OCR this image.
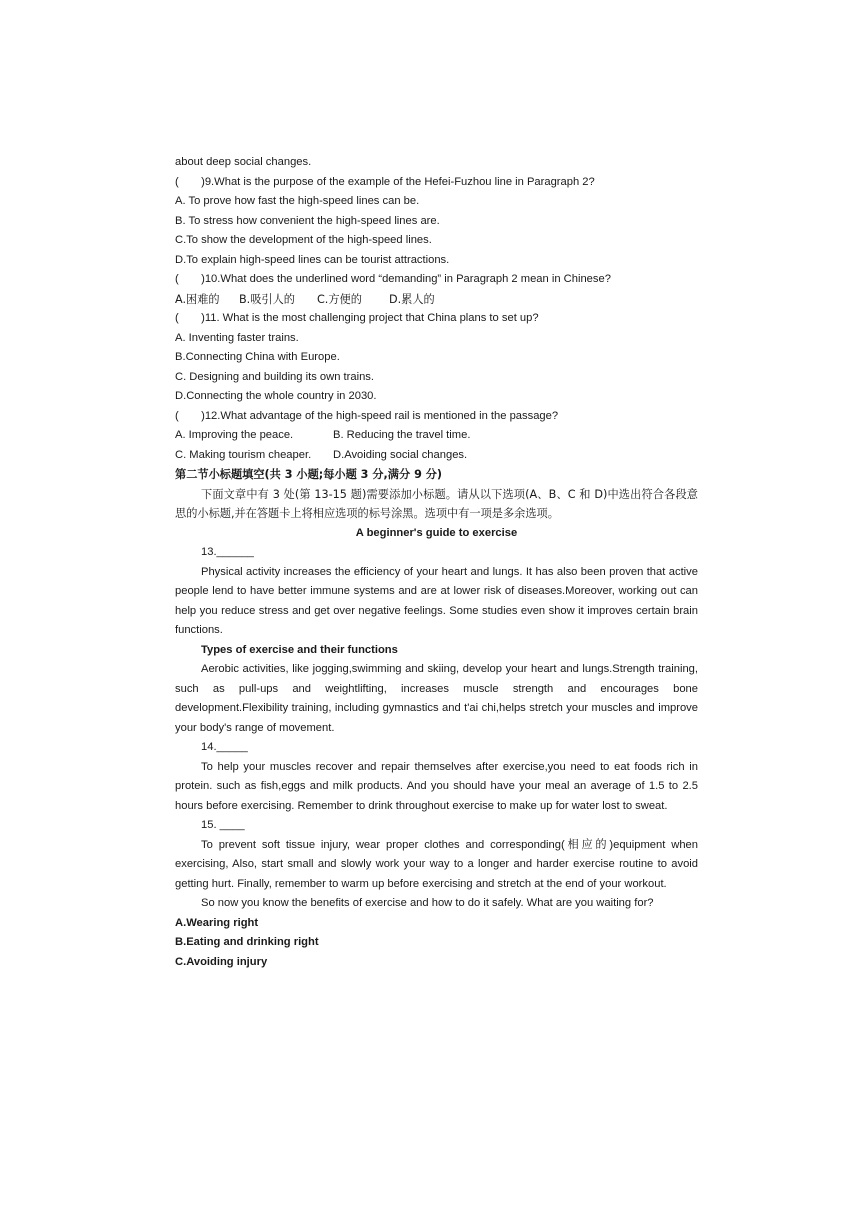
about deep social changes.
(　　)9.What is the purpose of the example of the Hefei-Fuzhou line in Paragraph 2?
A. To prove how fast the high-speed lines can be.
B. To stress how convenient the high-speed lines are.
C.To show the development of the high-speed lines.
D.To explain high-speed lines can be tourist attractions.
(　　)10.What does the underlined word “demanding” in Paragraph 2 mean in Chinese?
A.困难的 B.吸引人的 C.方便的 D.累人的
(　　)11. What is the most challenging project that China plans to set up?
A. Inventing faster trains.
B.Connecting China with Europe.
C. Designing and building its own trains.
D.Connecting the whole country in 2030.
(　　)12.What advantage of the high-speed rail is mentioned in the passage?
A. Improving the peace.	B. Reducing the travel time.
C. Making tourism cheaper. D.Avoiding social changes.
第二节小标题填空(共 3 小题;每小题 3 分,满分 9 分)
下面文章中有 3 处(第 13-15 题)需要添加小标题。请从以下选项(A、B、C 和 D)中选出符合各段意思的小标题,并在答题卡上将相应选项的标号涂黑。选项中有一项是多余选项。
A beginner's guide to exercise
13.______
Physical activity increases the efficiency of your heart and lungs. It has also been proven that active people lend to have better immune systems and are at lower risk of diseases.Moreover, working out can help you reduce stress and get over negative feelings. Some studies even show it improves certain brain functions.
Types of exercise and their functions
Aerobic activities, like jogging,swimming and skiing, develop your heart and lungs.Strength training, such as pull-ups and weightlifting, increases muscle strength and encourages bone development.Flexibility training, including gymnastics and t'ai chi,helps stretch your muscles and improve your body's range of movement.
14._____
To help your muscles recover and repair themselves after exercise,you need to eat foods rich in protein. such as fish,eggs and milk products. And you should have your meal an average of 1.5 to 2.5 hours before exercising. Remember to drink throughout exercise to make up for water lost to sweat.
15. ____
To prevent soft tissue injury, wear proper clothes and corresponding(相应的)equipment when exercising, Also, start small and slowly work your way to a longer and harder exercise routine to avoid getting hurt. Finally, remember to warm up before exercising and stretch at the end of your workout.
So now you know the benefits of exercise and how to do it safely. What are you waiting for?
A.Wearing right
B.Eating and drinking right
C.Avoiding injury
